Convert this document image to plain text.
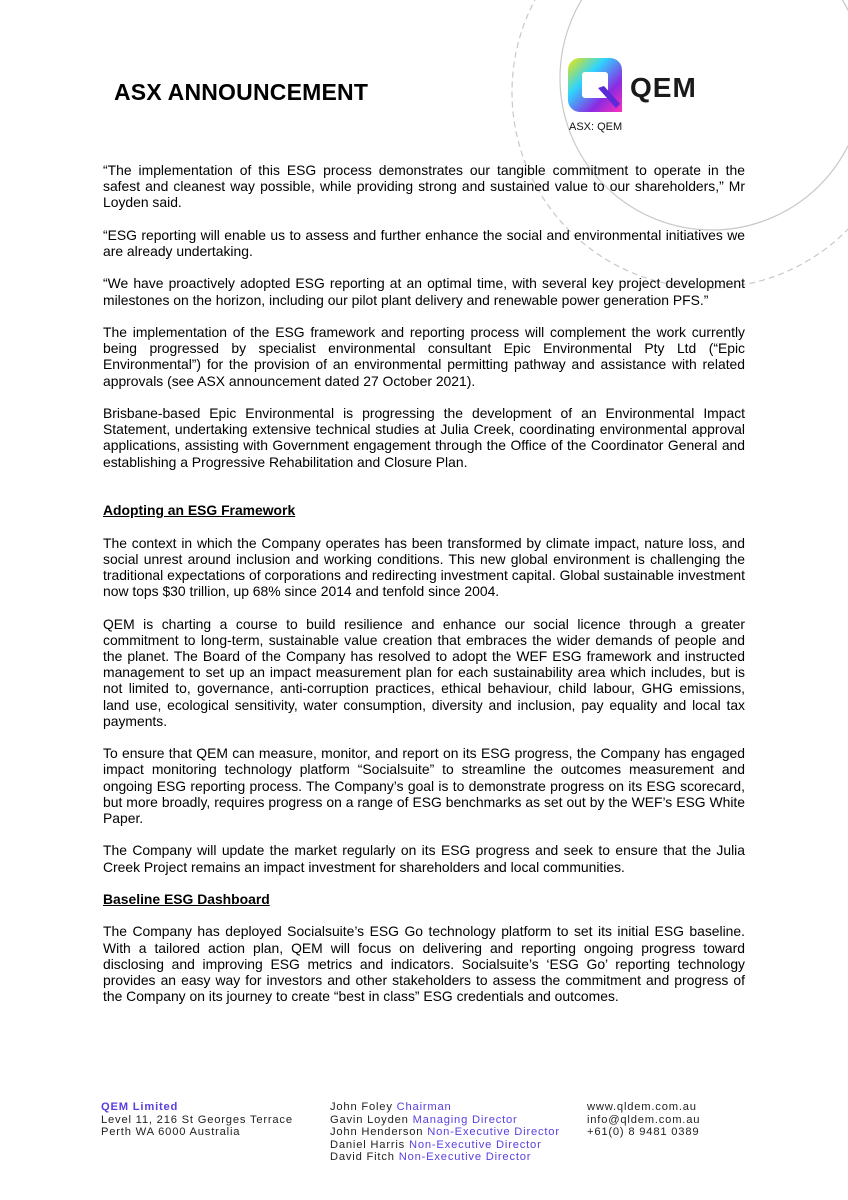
ASX ANNOUNCEMENT	QEM
ASX: QEM

“The implementation of this ESG process demonstrates our tangible commitment to operate in the safest and cleanest way possible, while providing strong and sustained value to our shareholders,” Mr Loyden said.

“ESG reporting will enable us to assess and further enhance the social and environmental initiatives we are already undertaking.

“We have proactively adopted ESG reporting at an optimal time, with several key project development milestones on the horizon, including our pilot plant delivery and renewable power generation PFS.”

The implementation of the ESG framework and reporting process will complement the work currently being progressed by specialist environmental consultant Epic Environmental Pty Ltd (“Epic Environmental”) for the provision of an environmental permitting pathway and assistance with related approvals (see ASX announcement dated 27 October 2021).

Brisbane-based Epic Environmental is progressing the development of an Environmental Impact Statement, undertaking extensive technical studies at Julia Creek, coordinating environmental approval applications, assisting with Government engagement through the Office of the Coordinator General and establishing a Progressive Rehabilitation and Closure Plan.

Adopting an ESG Framework

The context in which the Company operates has been transformed by climate impact, nature loss, and social unrest around inclusion and working conditions. This new global environment is challenging the traditional expectations of corporations and redirecting investment capital. Global sustainable investment now tops $30 trillion, up 68% since 2014 and tenfold since 2004.

QEM is charting a course to build resilience and enhance our social licence through a greater commitment to long-term, sustainable value creation that embraces the wider demands of people and the planet. The Board of the Company has resolved to adopt the WEF ESG framework and instructed management to set up an impact measurement plan for each sustainability area which includes, but is not limited to, governance, anti-corruption practices, ethical behaviour, child labour, GHG emissions, land use, ecological sensitivity, water consumption, diversity and inclusion, pay equality and local tax payments.

To ensure that QEM can measure, monitor, and report on its ESG progress, the Company has engaged impact monitoring technology platform “Socialsuite” to streamline the outcomes measurement and ongoing ESG reporting process. The Company’s goal is to demonstrate progress on its ESG scorecard, but more broadly, requires progress on a range of ESG benchmarks as set out by the WEF’s ESG White Paper.

The Company will update the market regularly on its ESG progress and seek to ensure that the Julia Creek Project remains an impact investment for shareholders and local communities.

Baseline ESG Dashboard

The Company has deployed Socialsuite’s ESG Go technology platform to set its initial ESG baseline. With a tailored action plan, QEM will focus on delivering and reporting ongoing progress toward disclosing and improving ESG metrics and indicators. Socialsuite’s ‘ESG Go’ reporting technology provides an easy way for investors and other stakeholders to assess the commitment and progress of the Company on its journey to create “best in class” ESG credentials and outcomes.

QEM Limited
Level 11, 216 St Georges Terrace
Perth WA 6000 Australia
John Foley Chairman
Gavin Loyden Managing Director
John Henderson Non-Executive Director
Daniel Harris Non-Executive Director
David Fitch Non-Executive Director
www.qldem.com.au
info@qldem.com.au
+61(0) 8 9481 0389
